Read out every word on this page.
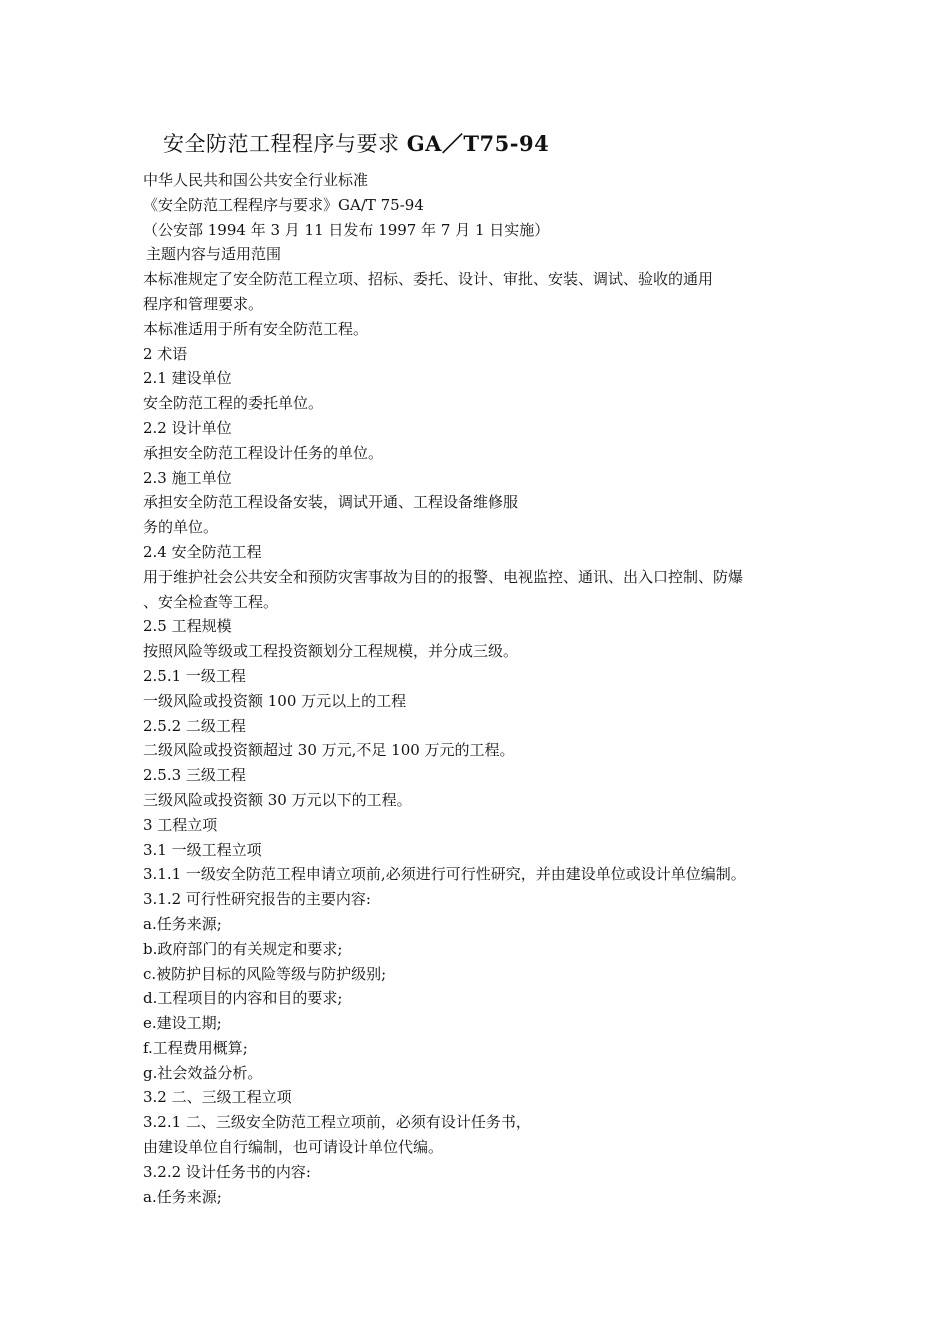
安全防范工程程序与要求 GA／T75-94
中华人民共和国公共安全行业标准
《安全防范工程程序与要求》GA/T 75-94
（公安部 1994 年 3 月 11 日发布 1997 年 7 月 1 日实施）
主题内容与适用范围
本标准规定了安全防范工程立项、招标、委托、设计、审批、安装、调试、验收的通用
程序和管理要求。
本标准适用于所有安全防范工程。
2 术语
2.1 建设单位
安全防范工程的委托单位。
2.2 设计单位
承担安全防范工程设计任务的单位。
2.3 施工单位
承担安全防范工程设备安装，调试开通、工程设备维修服
务的单位。
2.4 安全防范工程
用于维护社会公共安全和预防灾害事故为目的的报警、电视监控、通讯、出入口控制、防爆
、安全检查等工程。
2.5 工程规模
按照风险等级或工程投资额划分工程规模，并分成三级。
2.5.1 一级工程
一级风险或投资额 100 万元以上的工程
2.5.2 二级工程
二级风险或投资额超过 30 万元,不足 100 万元的工程。
2.5.3 三级工程
三级风险或投资额 30 万元以下的工程。
3 工程立项
3.1 一级工程立项
3.1.1 一级安全防范工程申请立项前,必须进行可行性研究，并由建设单位或设计单位编制。
3.1.2 可行性研究报告的主要内容:
a.任务来源;
b.政府部门的有关规定和要求;
c.被防护目标的风险等级与防护级别;
d.工程项目的内容和目的要求;
e.建设工期;
f.工程费用概算;
g.社会效益分析。
3.2 二、三级工程立项
3.2.1 二、三级安全防范工程立项前，必须有设计任务书，
由建设单位自行编制，也可请设计单位代编。
3.2.2 设计任务书的内容:
a.任务来源;
